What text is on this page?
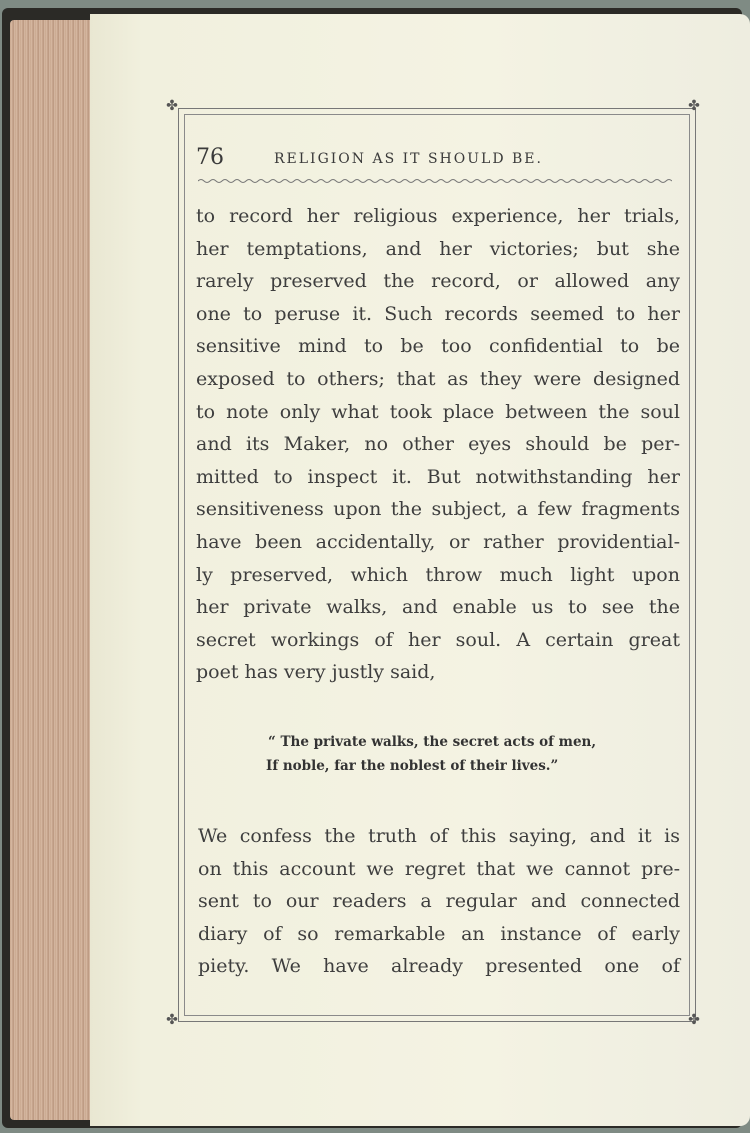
✤	✤
✤	✤
76	RELIGION AS IT SHOULD BE.
to record her religious experience, her trials,
her temptations, and her victories; but she
rarely preserved the record, or allowed any
one to peruse it. Such records seemed to her
sensitive mind to be too confidential to be
exposed to others; that as they were designed
to note only what took place between the soul
and its Maker, no other eyes should be per-
mitted to inspect it. But notwithstanding her
sensitiveness upon the subject, a few fragments
have been accidentally, or rather providential-
ly preserved, which throw much light upon
her private walks, and enable us to see the
secret workings of her soul. A certain great
poet has very justly said,
“ The private walks, the secret acts of men,
If noble, far the noblest of their lives.”
We confess the truth of this saying, and it is
on this account we regret that we cannot pre-
sent to our readers a regular and connected
diary of so remarkable an instance of early
piety. We have already presented one of
